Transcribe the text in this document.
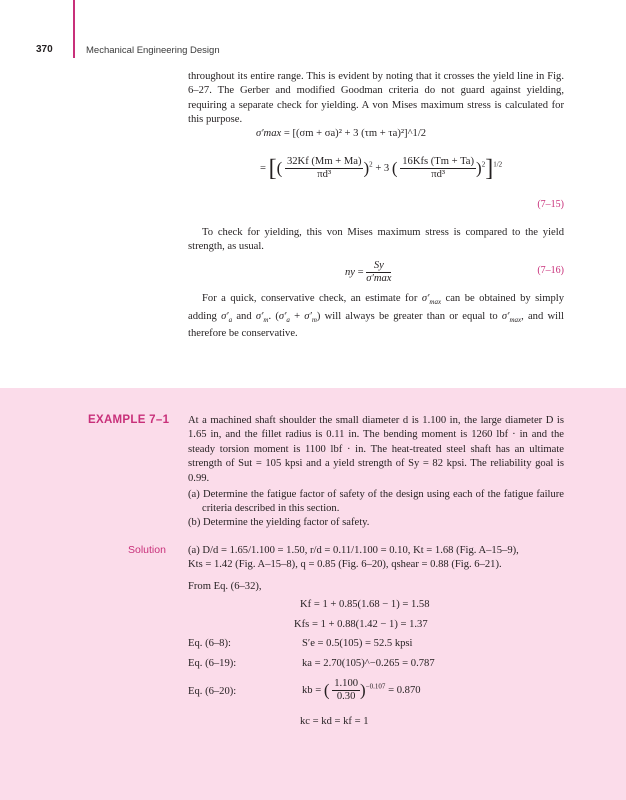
370	Mechanical Engineering Design
throughout its entire range. This is evident by noting that it crosses the yield line in Fig. 6–27. The Gerber and modified Goodman criteria do not guard against yielding, requiring a separate check for yielding. A von Mises maximum stress is calculated for this purpose.
σ′max = [(σm + σa)² + 3 (τm + τa)²]^1/2
= [( $\frac{32Kf (Mm + Ma)}{\text{πd³}} )^2 + 3$ ( $\frac{\text{16Kfs (Tm + Ta)}}{\text{πd³}} )^2]^{1/2}$
(7–15)
To check for yielding, this von Mises maximum stress is compared to the yield strength, as usual.
ny = $\frac{Sy}{\sigma'\max}$	(7–16)
For a quick, conservative check, an estimate for $\sigma'_{max}$ can be obtained by simply adding $\sigma'_a$ and $\sigma'_m$. $(\sigma'_a + \sigma'_m)$ will always be greater than or equal to $\sigma'_{max}$, and will therefore be conservative.
EXAMPLE 7–1 At a machined shaft shoulder the small diameter d is 1.100 in, the large diameter D is 1.65 in, and the fillet radius is 0.11 in. The bending moment is 1260 lbf · in and the steady torsion moment is 1100 lbf · in. The heat-treated steel shaft has an ultimate strength of Sut = 105 kpsi and a yield strength of Sy = 82 kpsi. The reliability goal is 0.99.
(a) Determine the fatigue factor of safety of the design using each of the fatigue failure criteria described in this section.
(b) Determine the yielding factor of safety.
Solution (a) D/d = 1.65/1.100 = 1.50, r/d = 0.11/1.100 = 0.10, Kt = 1.68 (Fig. A–15–9),
Kts = 1.42 (Fig. A–15–8), q = 0.85 (Fig. 6–20), qshear = 0.88 (Fig. 6–21).
From Eq. (6–32),
Kf = 1 + 0.85(1.68 − 1) = 1.58
Kfs = 1 + 0.88(1.42 − 1) = 1.37
Eq. (6–8):	S′e = 0.5(105) = 52.5 kpsi
Eq. (6–19):	ka = 2.70(105)^−0.265 = 0.787
Eq. (6–20):	kb = ( $\frac{1.100}{0.30} )^{-0.107} = 0.870$
kc = kd = kf = 1
